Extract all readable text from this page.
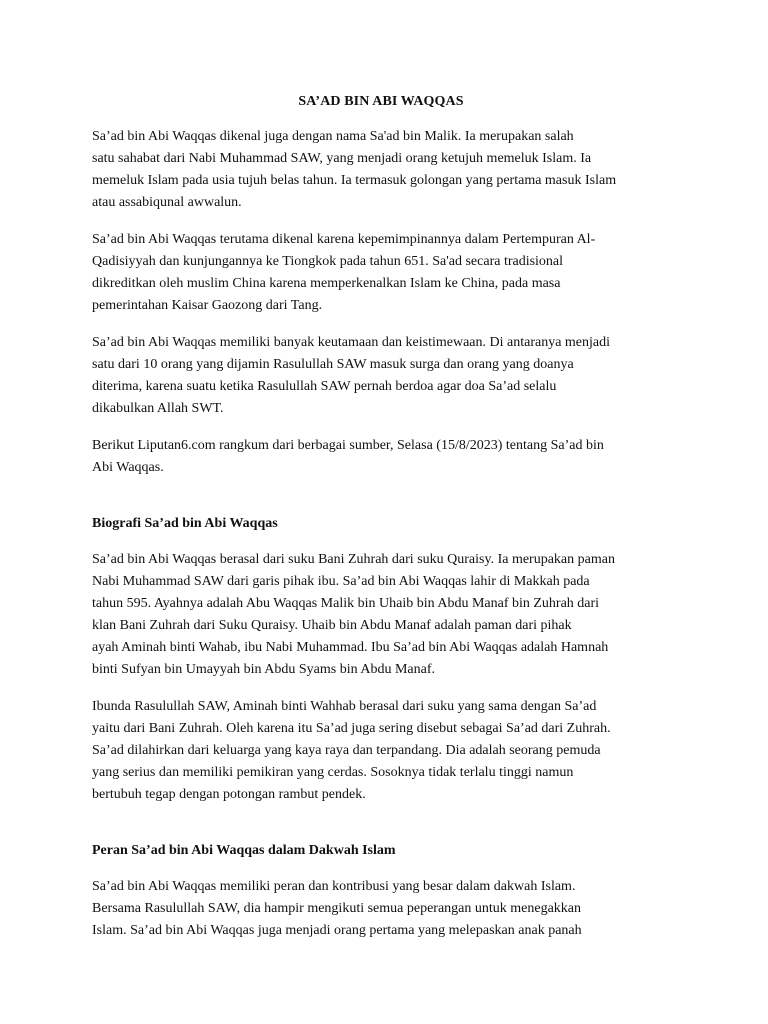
SA’AD BIN ABI WAQQAS

Sa’ad bin Abi Waqqas dikenal juga dengan nama Sa'ad bin Malik. Ia merupakan salah
satu sahabat dari Nabi Muhammad SAW, yang menjadi orang ketujuh memeluk Islam. Ia
memeluk Islam pada usia tujuh belas tahun. Ia termasuk golongan yang pertama masuk Islam
atau assabiqunal awwalun.

Sa’ad bin Abi Waqqas terutama dikenal karena kepemimpinannya dalam Pertempuran Al-
Qadisiyyah dan kunjungannya ke Tiongkok pada tahun 651. Sa'ad secara tradisional
dikreditkan oleh muslim China karena memperkenalkan Islam ke China, pada masa
pemerintahan Kaisar Gaozong dari Tang.

Sa’ad bin Abi Waqqas memiliki banyak keutamaan dan keistimewaan. Di antaranya menjadi
satu dari 10 orang yang dijamin Rasulullah SAW masuk surga dan orang yang doanya
diterima, karena suatu ketika Rasulullah SAW pernah berdoa agar doa Sa’ad selalu
dikabulkan Allah SWT.

Berikut Liputan6.com rangkum dari berbagai sumber, Selasa (15/8/2023) tentang Sa’ad bin
Abi Waqqas.

Biografi Sa’ad bin Abi Waqqas

Sa’ad bin Abi Waqqas berasal dari suku Bani Zuhrah dari suku Quraisy. Ia merupakan paman
Nabi Muhammad SAW dari garis pihak ibu. Sa’ad bin Abi Waqqas lahir di Makkah pada
tahun 595. Ayahnya adalah Abu Waqqas Malik bin Uhaib bin Abdu Manaf bin Zuhrah dari
klan Bani Zuhrah dari Suku Quraisy. Uhaib bin Abdu Manaf adalah paman dari pihak
ayah Aminah binti Wahab, ibu Nabi Muhammad. Ibu Sa’ad bin Abi Waqqas adalah Hamnah
binti Sufyan bin Umayyah bin Abdu Syams bin Abdu Manaf.

Ibunda Rasulullah SAW, Aminah binti Wahhab berasal dari suku yang sama dengan Sa’ad
yaitu dari Bani Zuhrah. Oleh karena itu Sa’ad juga sering disebut sebagai Sa’ad dari Zuhrah.
Sa’ad dilahirkan dari keluarga yang kaya raya dan terpandang. Dia adalah seorang pemuda
yang serius dan memiliki pemikiran yang cerdas. Sosoknya tidak terlalu tinggi namun
bertubuh tegap dengan potongan rambut pendek.

Peran Sa’ad bin Abi Waqqas dalam Dakwah Islam

Sa’ad bin Abi Waqqas memiliki peran dan kontribusi yang besar dalam dakwah Islam.
Bersama Rasulullah SAW, dia hampir mengikuti semua peperangan untuk menegakkan
Islam. Sa’ad bin Abi Waqqas juga menjadi orang pertama yang melepaskan anak panah
